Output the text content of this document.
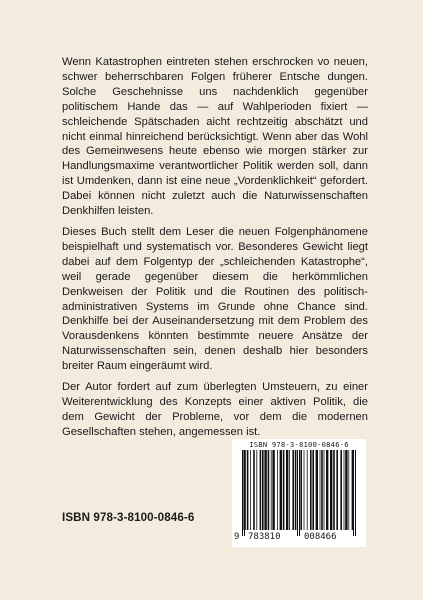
Wenn Katastrophen eintreten stehen erschrocken vo neuen, schwer beherrschbaren Folgen früherer Entsche dungen. Solche Geschehnisse uns nachdenklich gegenüber politischem Hande das — auf Wahlperioden fixiert — schleichende Spätschaden aicht rechtzeitig abschätzt und nicht einmal hinreichend berücksichtigt. Wenn aber das Wohl des Gemeinwesens heute ebenso wie morgen stärker zur Handlungsmaxime verantwortlicher Politik werden soll, dann ist Umdenken, dann ist eine neue „Vordenklichkeit“ gefordert. Dabei können nicht zuletzt auch die Naturwissenschaften Denkhilfen leisten.

Dieses Buch stellt dem Leser die neuen Folgenphänomene beispielhaft und systematisch vor. Besonderes Gewicht liegt dabei auf dem Folgentyp der „schleichenden Katastrophe“, weil gerade gegenüber diesem die herkömmlichen Denkweisen der Politik und die Routinen des politisch-administrativen Systems im Grunde ohne Chance sind. Denkhilfe bei der Auseinandersetzung mit dem Problem des Vorausdenkens könnten bestimmte neuere Ansätze der Naturwissenschaften sein, denen deshalb hier besonders breiter Raum eingeräumt wird.

Der Autor fordert auf zum überlegten Umsteuern, zu einer Weiterentwicklung des Konzepts einer aktiven Politik, die dem Gewicht der Probleme, vor dem die modernen Gesellschaften stehen, angemessen ist.

ISBN 978-3-8100-0846-6
ISBN 978-3-8100-0846-6
9 783810	008466
